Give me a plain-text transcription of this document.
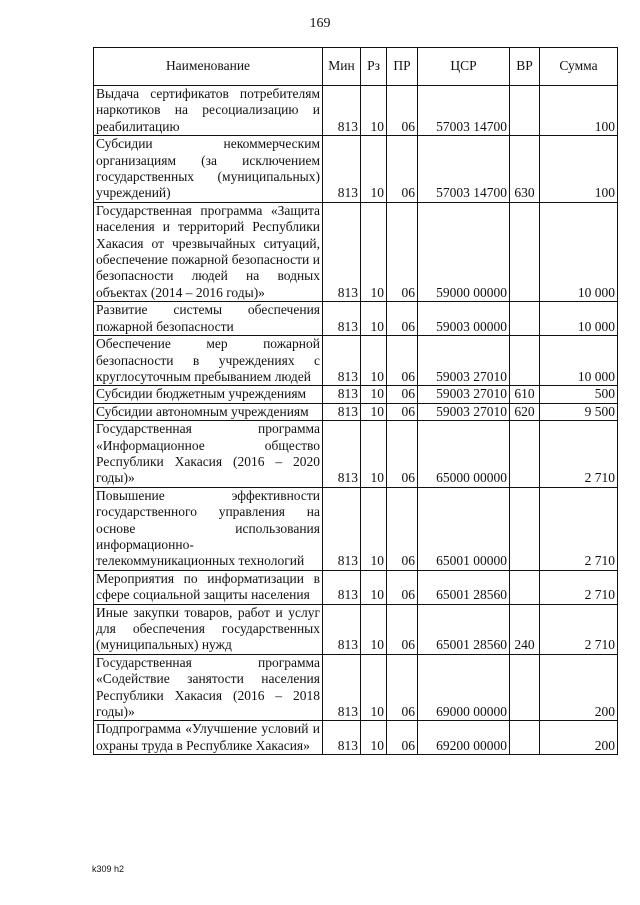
169
Наименование	Мин	Рз	ПР	ЦСР	ВР	Сумма
Выдача сертификатов потребителям наркотиков на ресоциализацию и реабилитацию	813	10	06	57003 14700		100
Субсидии некоммерческим организациям (за исключением государственных (муниципальных) учреждений)	813	10	06	57003 14700	630	100
Государственная программа «Защита населения и территорий Республики Хакасия от чрезвычайных ситуаций, обеспечение пожарной безопасности и безопасности людей на водных объектах (2014 – 2016 годы)»	813	10	06	59000 00000		10 000
Развитие системы обеспечения пожарной безопасности	813	10	06	59003 00000		10 000
Обеспечение мер пожарной безопасности в учреждениях с круглосуточным пребыванием людей	813	10	06	59003 27010		10 000
Субсидии бюджетным учреждениям	813	10	06	59003 27010	610	500
Субсидии автономным учреждениям	813	10	06	59003 27010	620	9 500
Государственная программа «Информационное общество Республики Хакасия (2016 – 2020 годы)»	813	10	06	65000 00000		2 710
Повышение эффективности государственного управления на основе использования информационно-телекоммуникационных технологий	813	10	06	65001 00000		2 710
Мероприятия по информатизации в сфере социальной защиты населения	813	10	06	65001 28560		2 710
Иные закупки товаров, работ и услуг для обеспечения государственных (муниципальных) нужд	813	10	06	65001 28560	240	2 710
Государственная программа «Содействие занятости населения Республики Хакасия (2016 – 2018 годы)»	813	10	06	69000 00000		200
Подпрограмма «Улучшение условий и охраны труда в Республике Хакасия»	813	10	06	69200 00000		200
k309 h2
